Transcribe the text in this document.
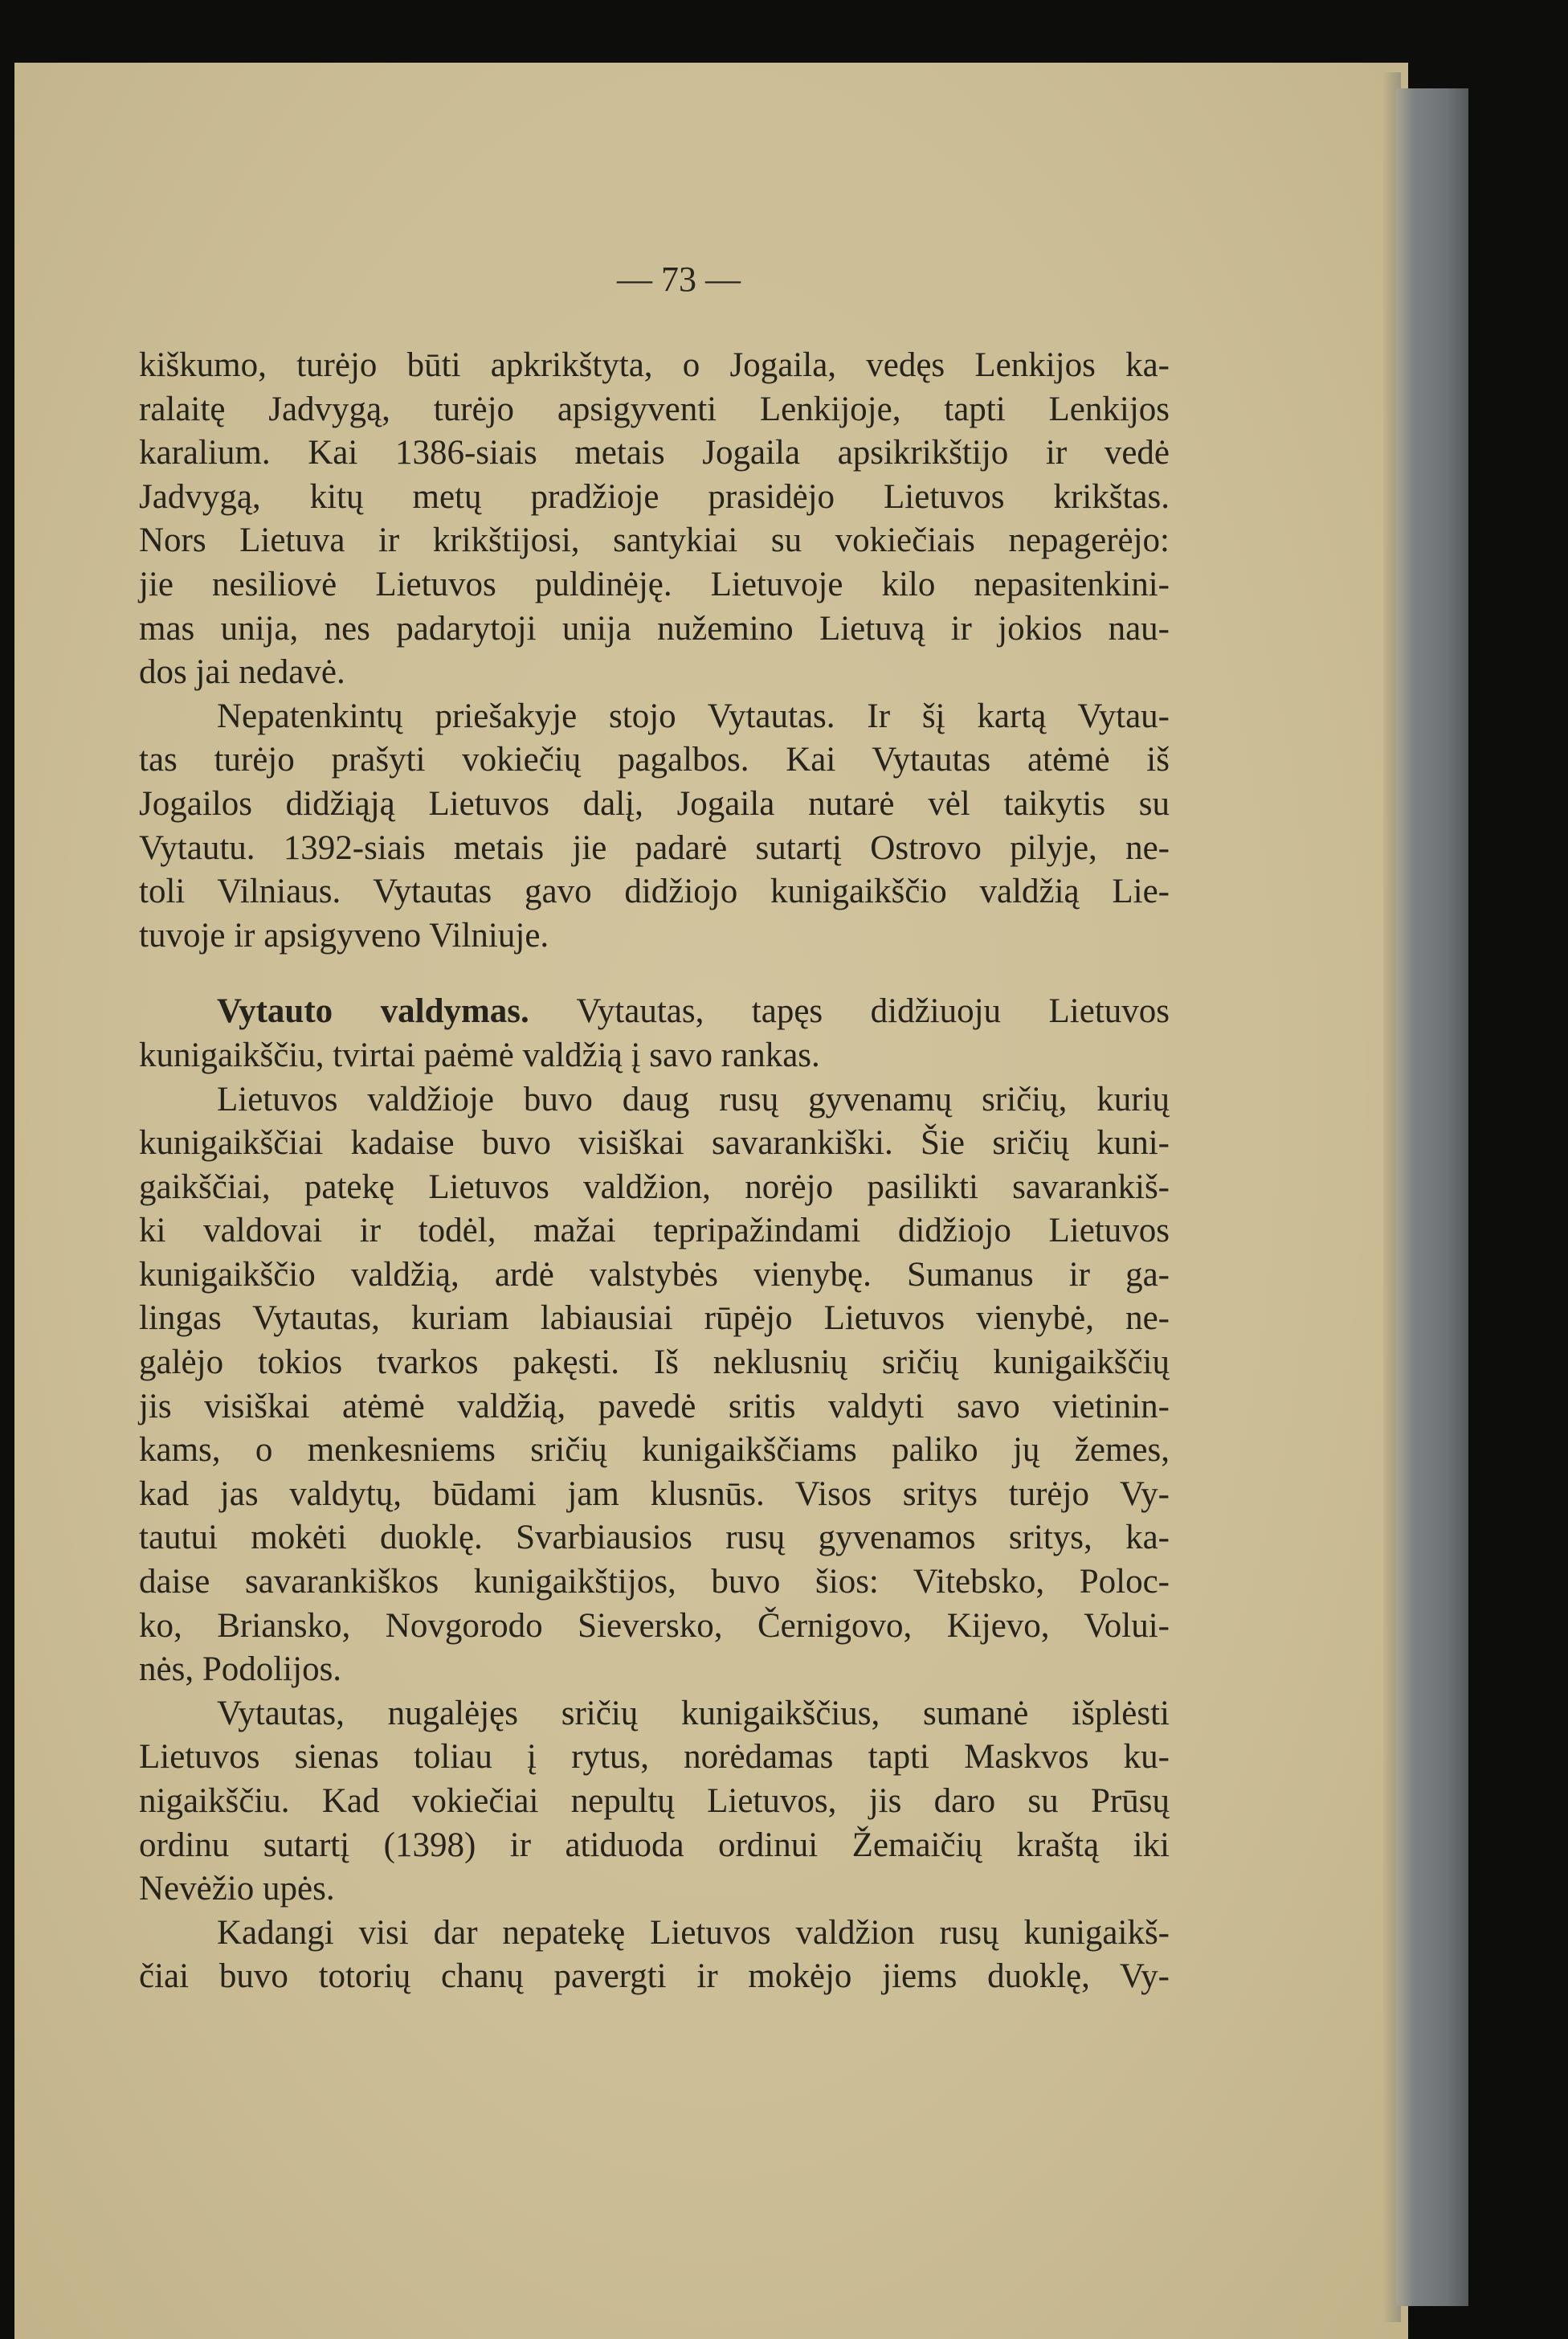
— 73 —
kiškumo, turėjo būti apkrikštyta, o Jogaila, vedęs Lenkijos ka-
ralaitę Jadvygą, turėjo apsigyventi Lenkijoje, tapti Lenkijos
karalium. Kai 1386-siais metais Jogaila apsikrikštijo ir vedė
Jadvygą, kitų metų pradžioje prasidėjo Lietuvos krikštas.
Nors Lietuva ir krikštijosi, santykiai su vokiečiais nepagerėjo:
jie nesiliovė Lietuvos puldinėję. Lietuvoje kilo nepasitenkini-
mas unija, nes padarytoji unija nužemino Lietuvą ir jokios nau-
dos jai nedavė.
Nepatenkintų priešakyje stojo Vytautas. Ir šį kartą Vytau-
tas turėjo prašyti vokiečių pagalbos. Kai Vytautas atėmė iš
Jogailos didžiąją Lietuvos dalį, Jogaila nutarė vėl taikytis su
Vytautu. 1392-siais metais jie padarė sutartį Ostrovo pilyje, ne-
toli Vilniaus. Vytautas gavo didžiojo kunigaikščio valdžią Lie-
tuvoje ir apsigyveno Vilniuje.
Vytauto valdymas. Vytautas, tapęs didžiuoju Lietuvos
kunigaikščiu, tvirtai paėmė valdžią į savo rankas.
Lietuvos valdžioje buvo daug rusų gyvenamų sričių, kurių
kunigaikščiai kadaise buvo visiškai savarankiški. Šie sričių kuni-
gaikščiai, patekę Lietuvos valdžion, norėjo pasilikti savarankiš-
ki valdovai ir todėl, mažai tepripažindami didžiojo Lietuvos
kunigaikščio valdžią, ardė valstybės vienybę. Sumanus ir ga-
lingas Vytautas, kuriam labiausiai rūpėjo Lietuvos vienybė, ne-
galėjo tokios tvarkos pakęsti. Iš neklusnių sričių kunigaikščių
jis visiškai atėmė valdžią, pavedė sritis valdyti savo vietinin-
kams, o menkesniems sričių kunigaikščiams paliko jų žemes,
kad jas valdytų, būdami jam klusnūs. Visos sritys turėjo Vy-
tautui mokėti duoklę. Svarbiausios rusų gyvenamos sritys, ka-
daise savarankiškos kunigaikštijos, buvo šios: Vitebsko, Poloc-
ko, Briansko, Novgorodo Sieversko, Černigovo, Kijevo, Volui-
nės, Podolijos.
Vytautas, nugalėjęs sričių kunigaikščius, sumanė išplėsti
Lietuvos sienas toliau į rytus, norėdamas tapti Maskvos ku-
nigaikščiu. Kad vokiečiai nepultų Lietuvos, jis daro su Prūsų
ordinu sutartį (1398) ir atiduoda ordinui Žemaičių kraštą iki
Nevėžio upės.
Kadangi visi dar nepatekę Lietuvos valdžion rusų kunigaikš-
čiai buvo totorių chanų pavergti ir mokėjo jiems duoklę, Vy-
